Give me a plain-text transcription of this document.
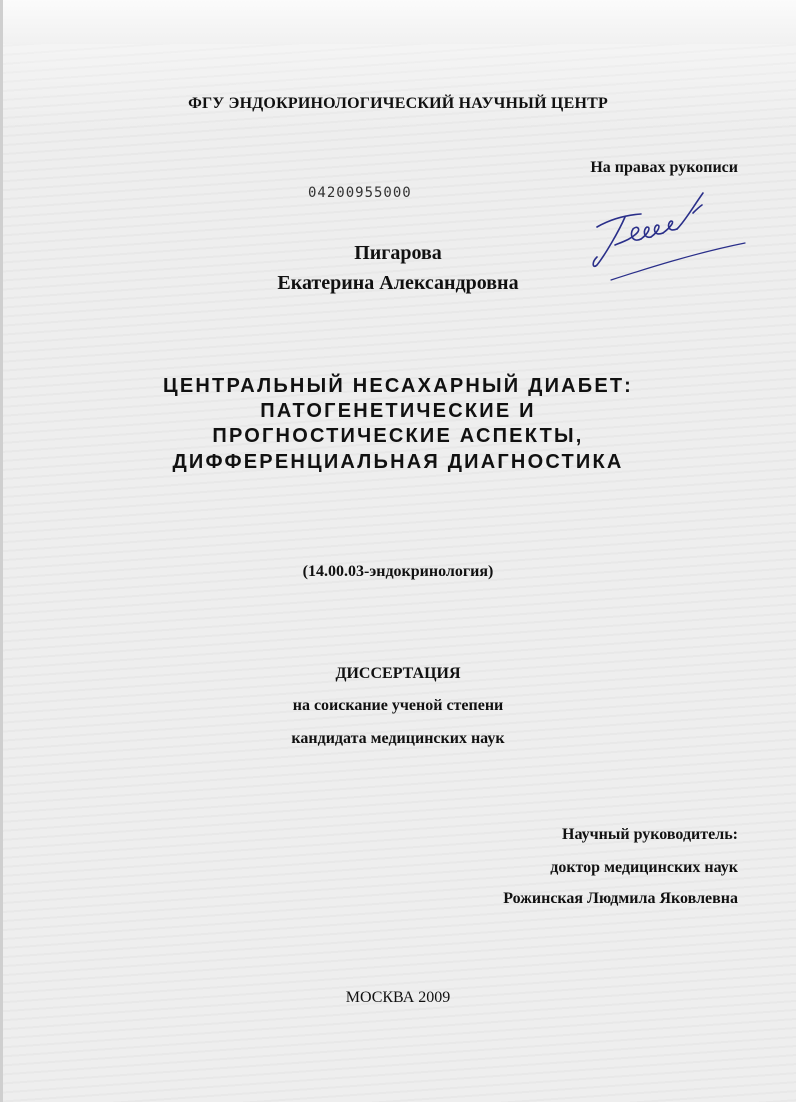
ФГУ ЭНДОКРИНОЛОГИЧЕСКИЙ НАУЧНЫЙ ЦЕНТР
На правах рукописи
04200955000
Пигарова
Екатерина Александровна
ЦЕНТРАЛЬНЫЙ НЕСАХАРНЫЙ ДИАБЕТ:
ПАТОГЕНЕТИЧЕСКИЕ И
ПРОГНОСТИЧЕСКИЕ АСПЕКТЫ,
ДИФФЕРЕНЦИАЛЬНАЯ ДИАГНОСТИКА
(14.00.03-эндокринология)
ДИССЕРТАЦИЯ
на соискание ученой степени
кандидата медицинских наук
Научный руководитель:
доктор медицинских наук
Рожинская Людмила Яковлевна
МОСКВА 2009
